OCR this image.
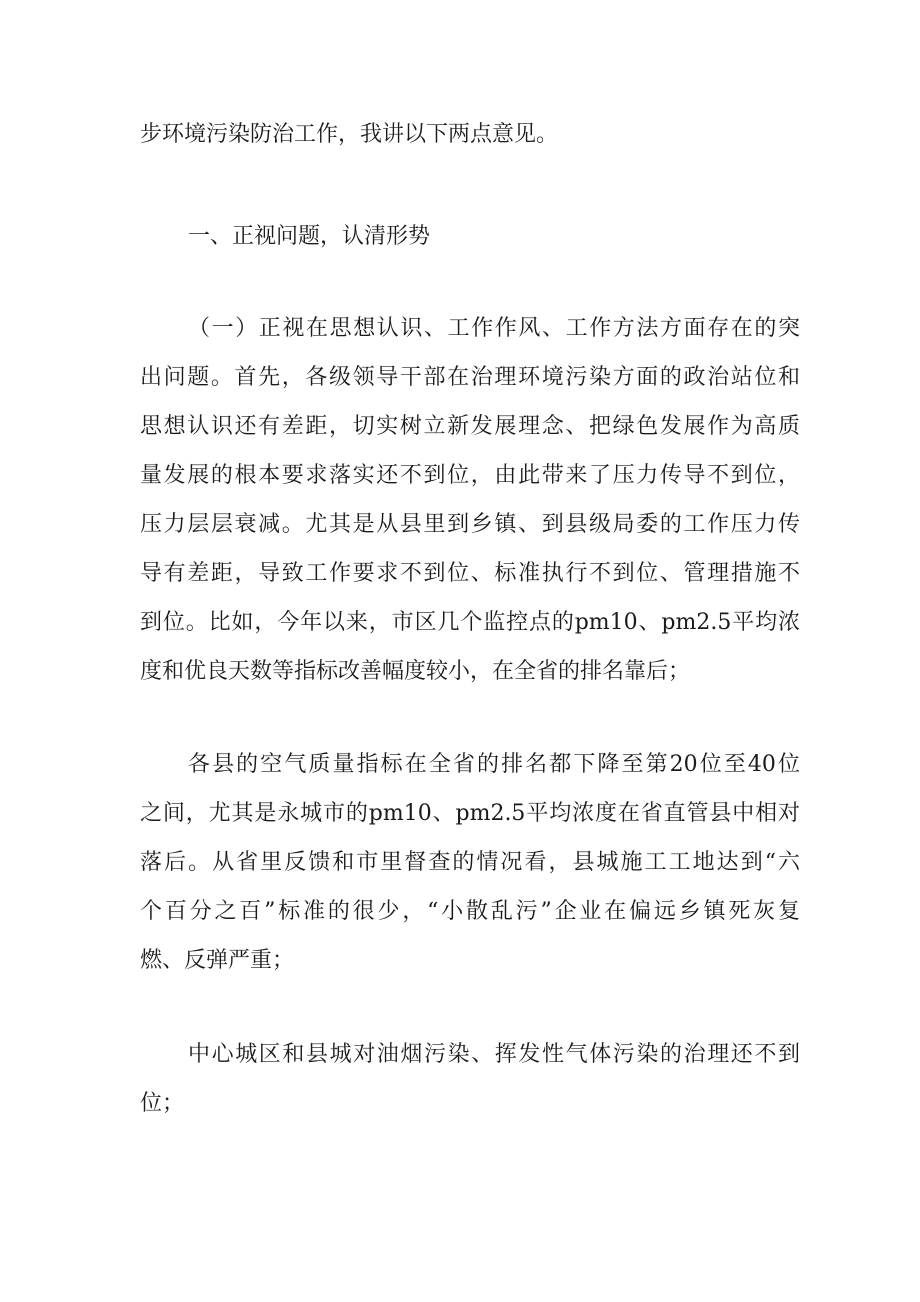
步环境污染防治工作，我讲以下两点意见。
一、正视问题，认清形势
（一）正视在思想认识、工作作风、工作方法方面存在的突
出问题。首先，各级领导干部在治理环境污染方面的政治站位和
思想认识还有差距，切实树立新发展理念、把绿色发展作为高质
量发展的根本要求落实还不到位，由此带来了压力传导不到位，
压力层层衰减。尤其是从县里到乡镇、到县级局委的工作压力传
导有差距，导致工作要求不到位、标准执行不到位、管理措施不
到位。比如，今年以来，市区几个监控点的pm10、pm2.5平均浓
度和优良天数等指标改善幅度较小，在全省的排名靠后；
各县的空气质量指标在全省的排名都下降至第20位至40位
之间，尤其是永城市的pm10、pm2.5平均浓度在省直管县中相对
落后。从省里反馈和市里督查的情况看，县城施工工地达到“六
个百分之百”标准的很少，“小散乱污”企业在偏远乡镇死灰复
燃、反弹严重；
中心城区和县城对油烟污染、挥发性气体污染的治理还不到
位；
